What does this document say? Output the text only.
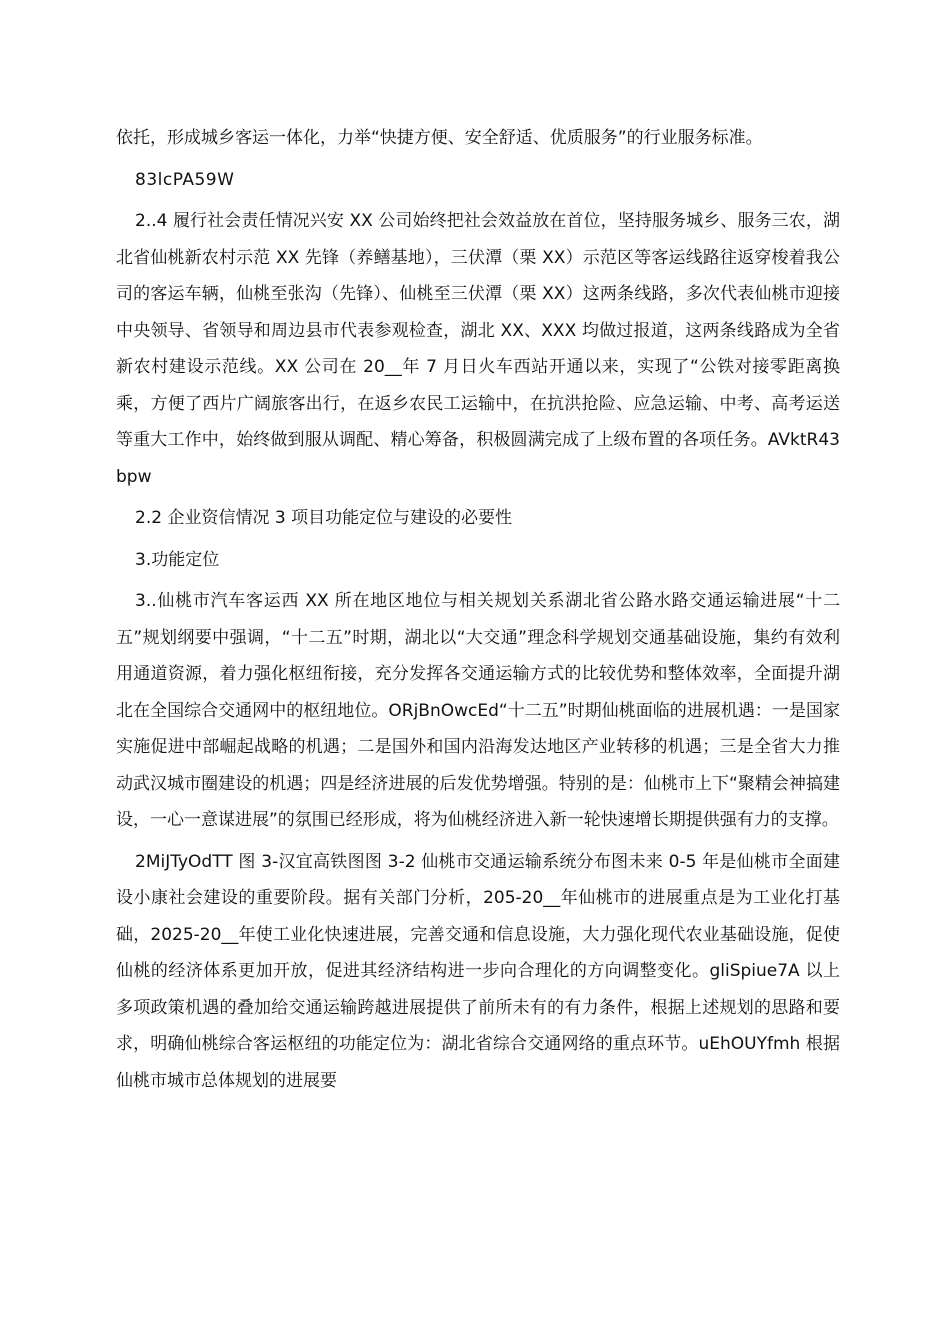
依托，形成城乡客运一体化，力举“快捷方便、安全舒适、优质服务”的行业服务标准。

83lcPA59W

2..4 履行社会责任情况兴安 XX 公司始终把社会效益放在首位，坚持服务城乡、服务三农，湖北省仙桃新农村示范 XX 先锋（养鳝基地），三伏潭（栗 XX）示范区等客运线路往返穿梭着我公司的客运车辆，仙桃至张沟（先锋）、仙桃至三伏潭（栗 XX）这两条线路，多次代表仙桃市迎接中央领导、省领导和周边县市代表参观检查，湖北 XX、XXX 均做过报道，这两条线路成为全省新农村建设示范线。XX 公司在 20__年 7 月日火车西站开通以来，实现了“公铁对接零距离换乘，方便了西片广阔旅客出行，在返乡农民工运输中，在抗洪抢险、应急运输、中考、高考运送等重大工作中，始终做到服从调配、精心筹备，积极圆满完成了上级布置的各项任务。AVktR43bpw

2.2 企业资信情况 3 项目功能定位与建设的必要性

3.功能定位

3..仙桃市汽车客运西 XX 所在地区地位与相关规划关系湖北省公路水路交通运输进展“十二五”规划纲要中强调，“十二五”时期，湖北以“大交通”理念科学规划交通基础设施，集约有效利用通道资源，着力强化枢纽衔接，充分发挥各交通运输方式的比较优势和整体效率，全面提升湖北在全国综合交通网中的枢纽地位。ORjBnOwcEd“十二五”时期仙桃面临的进展机遇：一是国家实施促进中部崛起战略的机遇；二是国外和国内沿海发达地区产业转移的机遇；三是全省大力推动武汉城市圈建设的机遇；四是经济进展的后发优势增强。特别的是：仙桃市上下“聚精会神搞建设，一心一意谋进展”的氛围已经形成，将为仙桃经济进入新一轮快速增长期提供强有力的支撑。

2MiJTyOdTT 图 3-汉宜高铁图图 3-2 仙桃市交通运输系统分布图未来 0-5 年是仙桃市全面建设小康社会建设的重要阶段。据有关部门分析，205-20__年仙桃市的进展重点是为工业化打基础，2025-20__年使工业化快速进展，完善交通和信息设施，大力强化现代农业基础设施，促使仙桃的经济体系更加开放，促进其经济结构进一步向合理化的方向调整变化。gliSpiue7A 以上多项政策机遇的叠加给交通运输跨越进展提供了前所未有的有力条件，根据上述规划的思路和要求，明确仙桃综合客运枢纽的功能定位为：湖北省综合交通网络的重点环节。uEhOUYfmh 根据仙桃市城市总体规划的进展要
